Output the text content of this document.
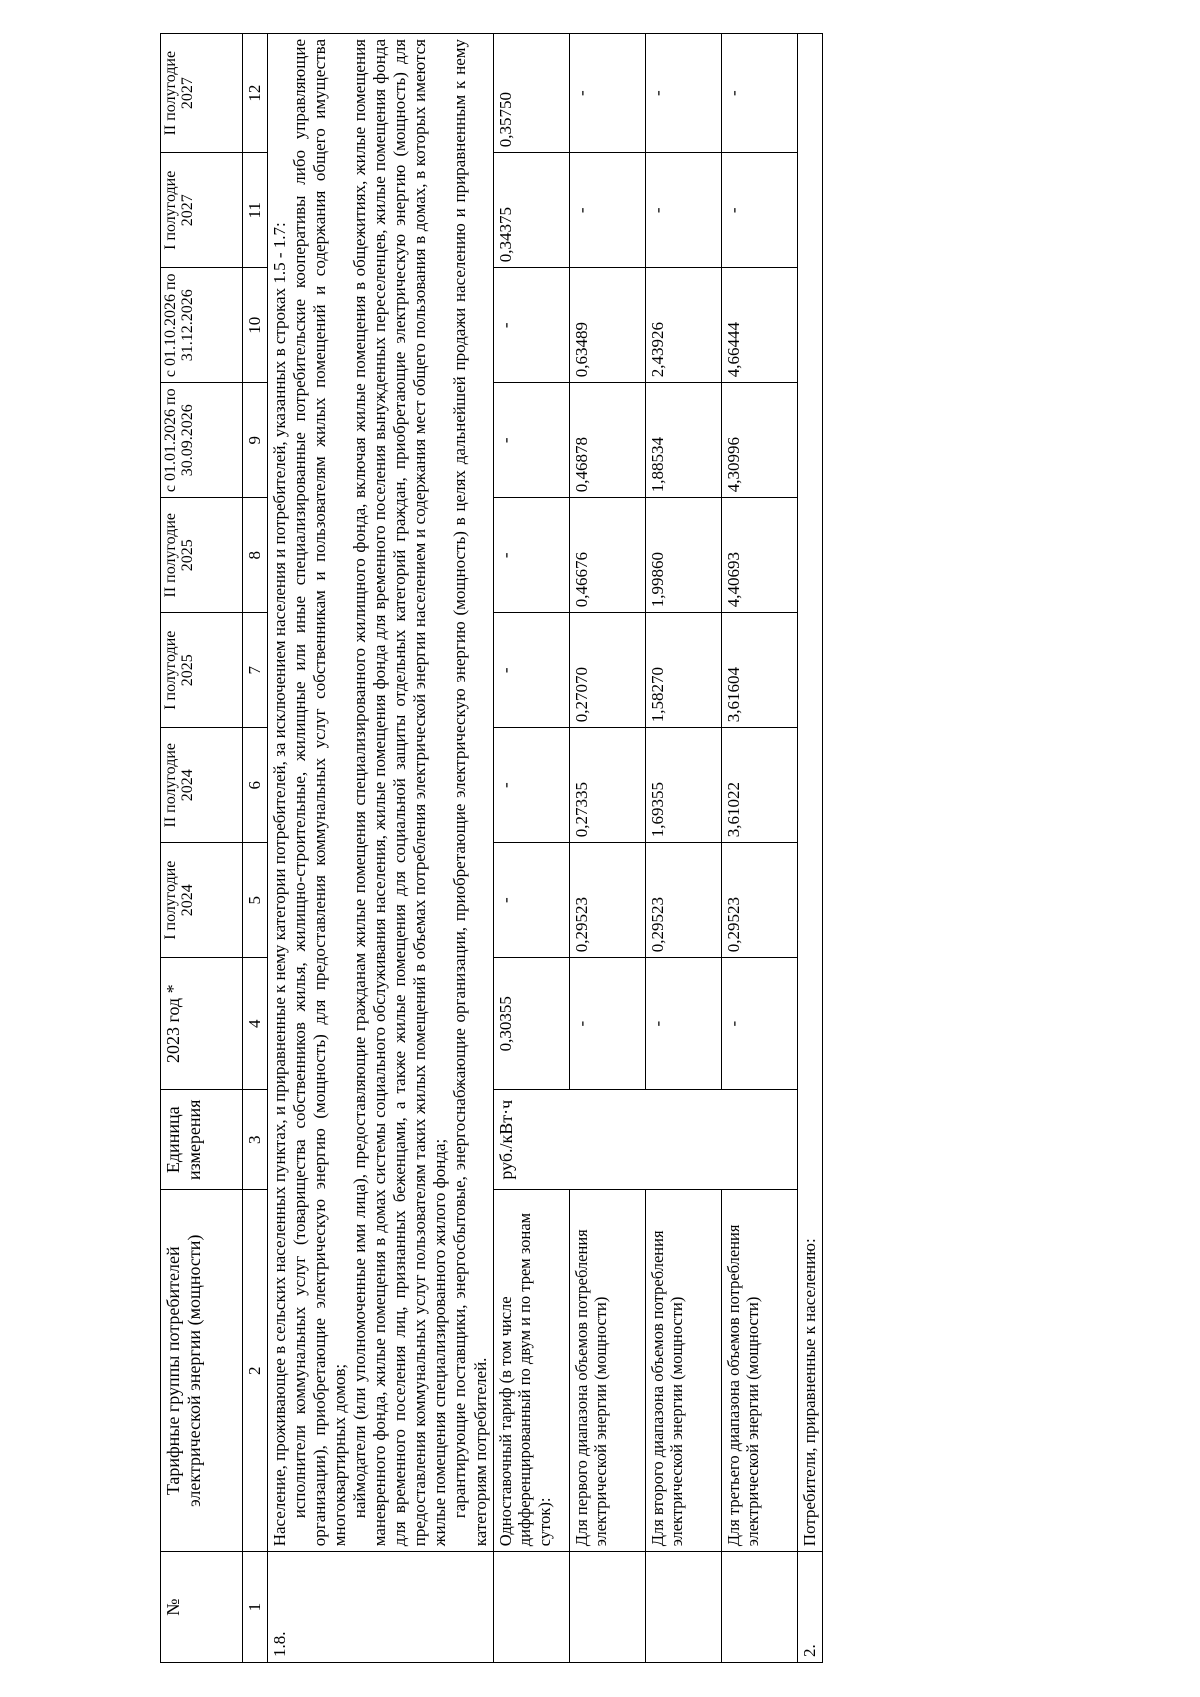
№	Тарифные группы потребителей электрической энергии (мощности)	Единица измерения	2023 год *	I полугодие 2024	II полугодие 2024	I полугодие 2025	II полугодие 2025	с 01.01.2026 по 30.09.2026	с 01.10.2026 по 31.12.2026	I полугодие 2027	II полугодие 2027
1	2	3	4	5	6	7	8	9	10	11	12
1.8.	Население, проживающее в сельских населенных пунктах, и приравненные к нему категории потребителей, за исключением населения и потребителей, указанных в строках 1.5 - 1.7: исполнители коммунальных услуг (товарищества собственников жилья, жилищно-строительные, жилищные или иные специализированные потребительские кооперативы либо управляющие организации), приобретающие электрическую энергию (мощность) для предоставления коммунальных услуг собственникам и пользователям жилых помещений и содержания общего имущества многоквартирных домов; наймодатели (или уполномоченные ими лица), предоставляющие гражданам жилые помещения специализированного жилищного фонда, включая жилые помещения в общежитиях, жилые помещения маневренного фонда, жилые помещения в домах системы социального обслуживания населения, жилые помещения фонда для временного поселения вынужденных переселенцев, жилые помещения фонда для временного поселения лиц, признанных беженцами, а также жилые помещения для социальной защиты отдельных категорий граждан, приобретающие электрическую энергию (мощность) для предоставления коммунальных услуг пользователям таких жилых помещений в объемах потребления электрической энергии населением и содержания мест общего пользования в домах, в которых имеются жилые помещения специализированного жилого фонда; гарантирующие поставщики, энергосбытовые, энергоснабжающие организации, приобретающие электрическую энергию (мощность) в целях дальнейшей продажи населению и приравненным к нему категориям потребителей.										

	Одноставочный тариф (в том числе дифференцированный по двум и по трем зонам суток):	руб./кВт·ч	0,30355	-	-	-	-	-	-	0,34375	0,35750
	Для первого диапазона объемов потребления электрической энергии (мощности)		-	0,29523	0,27335	0,27070	0,46676	0,46878	0,63489	-	-
	Для второго диапазона объемов потребления электрической энергии (мощности)		-	0,29523	1,69355	1,58270	1,99860	1,88534	2,43926	-	-
	Для третьего диапазона объемов потребления электрической энергии (мощности)		-	0,29523	3,61022	3,61604	4,40693	4,30996	4,66444	-	-
2.	Потребители, приравненные к населению:										
